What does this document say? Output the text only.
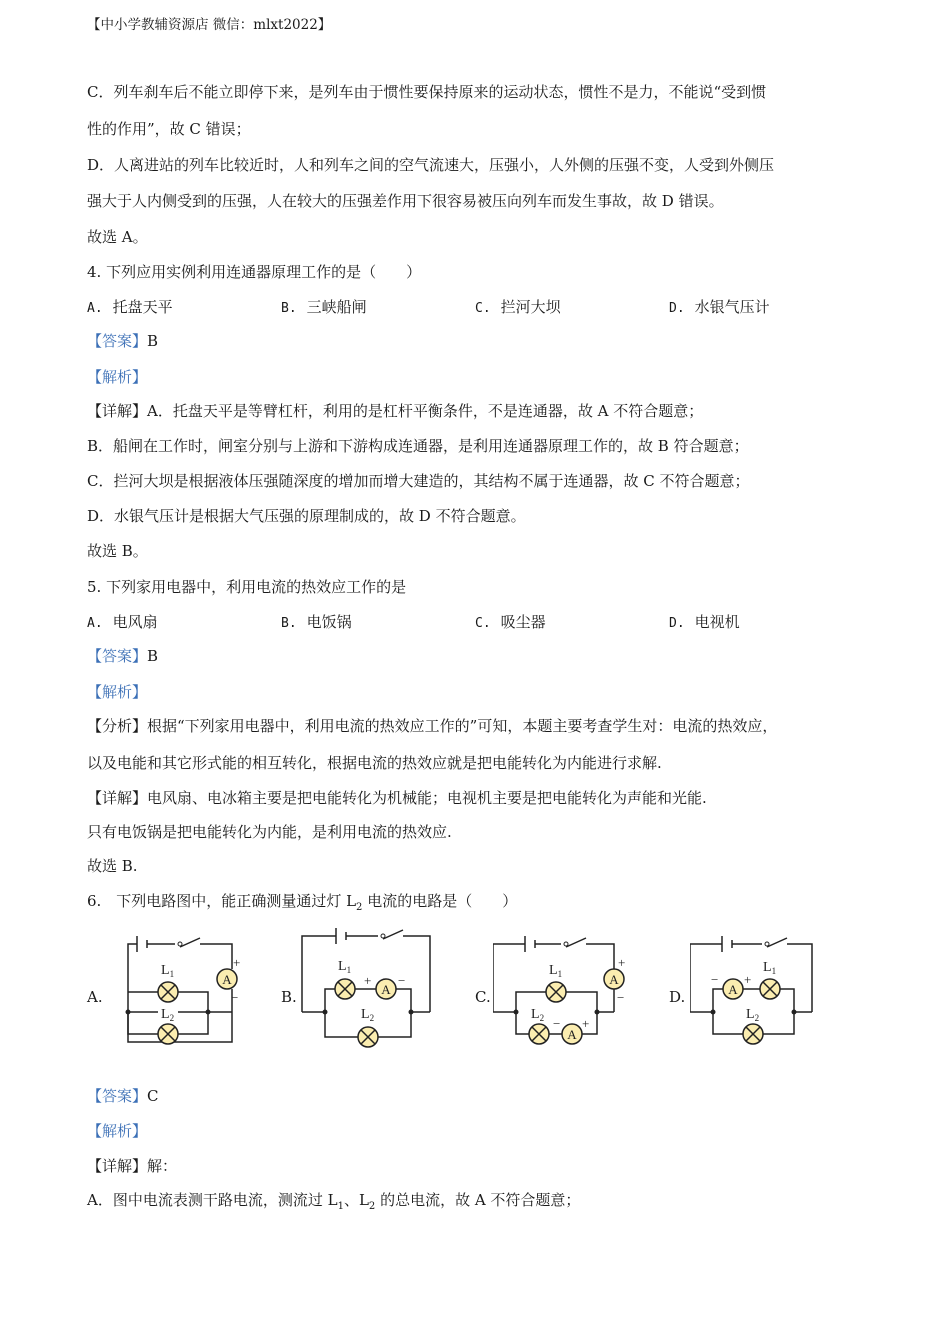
【中小学教辅资源店 微信：mlxt2022】
C．列车刹车后不能立即停下来，是列车由于惯性要保持原来的运动状态，惯性不是力，不能说“受到惯
性的作用”，故 C 错误；
D．人离进站的列车比较近时，人和列车之间的空气流速大，压强小，人外侧的压强不变，人受到外侧压
强大于人内侧受到的压强，人在较大的压强差作用下很容易被压向列车而发生事故，故 D 错误。
故选 A。
4. 下列应用实例利用连通器原理工作的是（　　）
A. 托盘天平	B. 三峡船闸	C. 拦河大坝	D. 水银气压计
【答案】B
【解析】
【详解】A．托盘天平是等臂杠杆，利用的是杠杆平衡条件，不是连通器，故 A 不符合题意；
B．船闸在工作时，闸室分别与上游和下游构成连通器，是利用连通器原理工作的，故 B 符合题意；
C．拦河大坝是根据液体压强随深度的增加而增大建造的，其结构不属于连通器，故 C 不符合题意；
D．水银气压计是根据大气压强的原理制成的，故 D 不符合题意。
故选 B。
5. 下列家用电器中，利用电流的热效应工作的是
A. 电风扇	B. 电饭锅	C. 吸尘器	D. 电视机
【答案】B
【解析】
【分析】根据“下列家用电器中，利用电流的热效应工作的”可知，本题主要考查学生对：电流的热效应，
以及电能和其它形式能的相互转化，根据电流的热效应就是把电能转化为内能进行求解.
【详解】电风扇、电冰箱主要是把电能转化为机械能；电视机主要是把电能转化为声能和光能.
只有电饭锅是把电能转化为内能，是利用电流的热效应.
故选 B.
6.　下列电路图中，能正确测量通过灯 $L_2$ 电流的电路是（　　）
A.	B.	C.	D.
A
+
−
$L_1$
$L_2$
A
+ −
$L_1$
$L_2$
A
A
+
−
− +
$L_1$
$L_2$
A
− +
$L_1$
$L_2$
【答案】C
【解析】
【详解】解：
A．图中电流表测干路电流，测流过 $L_1$、$L_2$ 的总电流，故 A 不符合题意；
